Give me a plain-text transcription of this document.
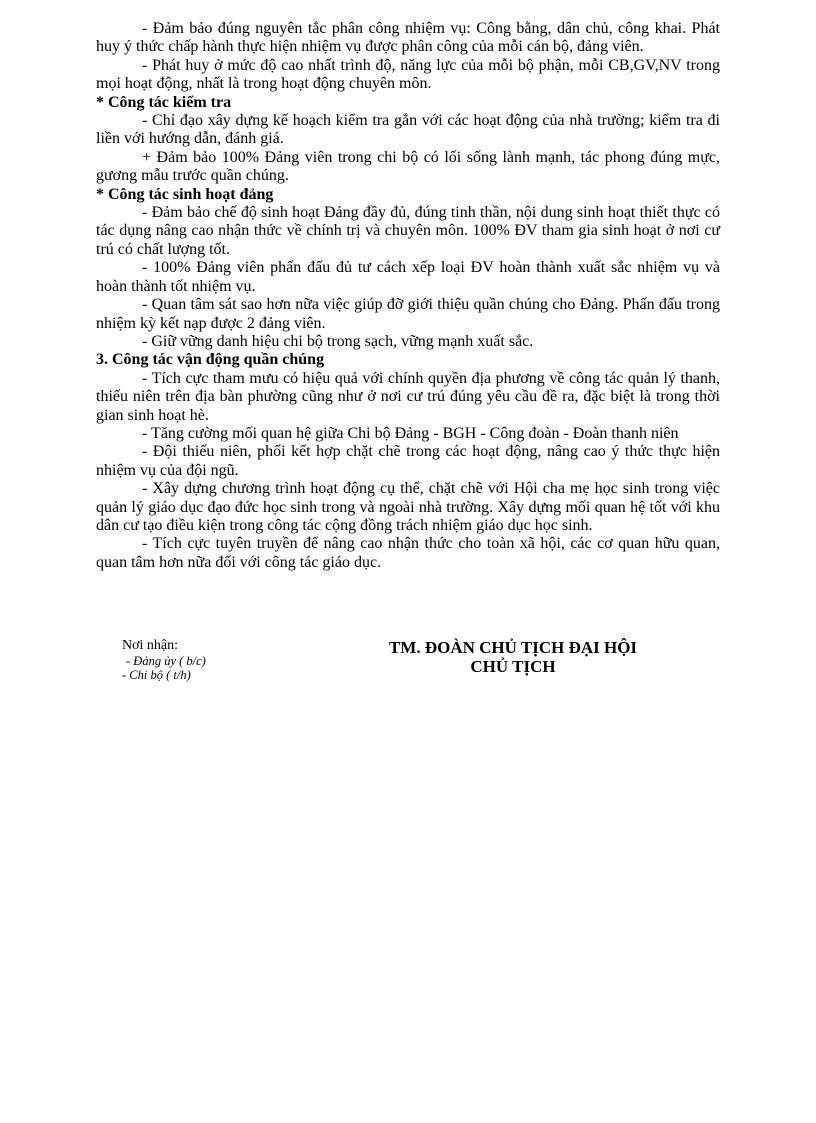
- Đảm bảo đúng nguyên tắc phân công nhiệm vụ: Công bằng, dân chủ, công khai. Phát huy ý thức chấp hành thực hiện nhiệm vụ được phân công của mỗi cán bộ, đảng viên.

- Phát huy ở mức độ cao nhất trình độ, năng lực của mỗi bộ phận, mỗi CB,GV,NV trong mọi hoạt động, nhất là trong hoạt động chuyên môn.

* Công tác kiểm tra

- Chỉ đạo xây dựng kế hoạch kiểm tra gắn với các hoạt động của nhà trường; kiểm tra đi liền với hướng dẫn, đánh giá.

+ Đảm bảo 100% Đảng viên trong chi bộ có lối sống lành mạnh, tác phong đúng mực, gương mẫu trước quần chúng.

* Công tác sinh hoạt đảng

- Đảm bảo chế độ sinh hoạt Đảng đầy đủ, đúng tinh thần, nội dung sinh hoạt thiết thực có tác dụng nâng cao nhận thức về chính trị và chuyên môn. 100% ĐV tham gia sinh hoạt ở nơi cư trú có chất lượng tốt.

- 100% Đảng viên phấn đấu đủ tư cách xếp loại ĐV hoàn thành xuất sắc nhiệm vụ và hoàn thành tốt nhiệm vụ.

- Quan tâm sát sao hơn nữa việc giúp đỡ giới thiệu quần chúng cho Đảng. Phấn đấu trong nhiệm kỳ kết nạp được 2 đảng viên.

- Giữ vững danh hiệu chi bộ trong sạch, vững mạnh xuất sắc.

3. Công tác vận động quần chúng

- Tích cực tham mưu có hiệu quả với chính quyền địa phương về công tác quản lý thanh, thiếu niên trên địa bàn phường cũng như ở nơi cư trú đúng yêu cầu đề ra, đặc biệt là trong thời gian sinh hoạt hè.

- Tăng cường mối quan hệ giữa Chi bộ Đảng - BGH - Công đoàn - Đoàn thanh niên

- Đội thiếu niên, phối kết hợp chặt chẽ trong các hoạt động, nâng cao ý thức thực hiện nhiệm vụ của đội ngũ.

- Xây dựng chương trình hoạt động cụ thể, chặt chẽ với Hội cha mẹ học sinh trong việc quản lý giáo dục đạo đức học sinh trong và ngoài nhà trường. Xây dựng mối quan hệ tốt với khu dân cư tạo điều kiện trong công tác cộng đồng trách nhiệm giáo dục học sinh.

- Tích cực tuyên truyền để nâng cao nhận thức cho toàn xã hội, các cơ quan hữu quan, quan tâm hơn nữa đối với công tác giáo dục.

Nơi nhận:

- Đảng ủy ( b/c)

- Chi bộ ( t/h)

TM. ĐOÀN CHỦ TỊCH ĐẠI HỘI
CHỦ TỊCH
